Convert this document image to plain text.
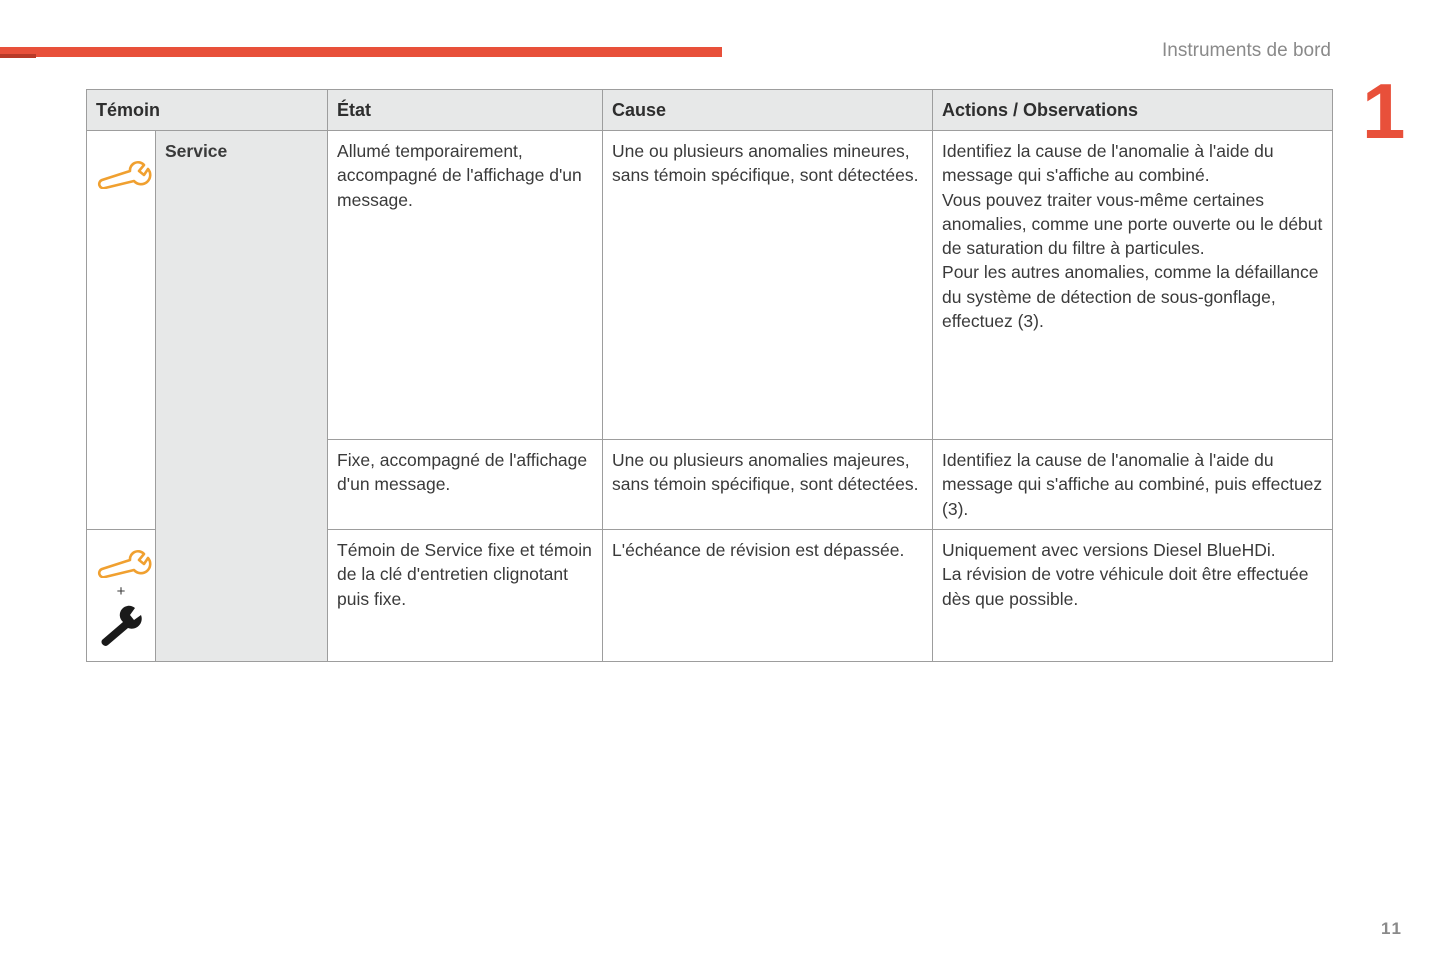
Instruments de bord
1
Témoin		État	Cause	Actions / Observations

	Service	Allumé temporairement, accompagné de l'affichage d'un message.	Une ou plusieurs anomalies mineures, sans témoin spécifique, sont détectées.	Identifiez la cause de l'anomalie à l'aide du message qui s'affiche au combiné.
Vous pouvez traiter vous-même certaines anomalies, comme une porte ouverte ou le début de saturation du filtre à particules.
Pour les autres anomalies, comme la défaillance du système de détection de sous-gonflage, effectuez (3).

		Fixe, accompagné de l'affichage d'un message.	Une ou plusieurs anomalies majeures, sans témoin spécifique, sont détectées.	Identifiez la cause de l'anomalie à l'aide du message qui s'affiche au combiné, puis effectuez (3).

+		Témoin de Service fixe et témoin de la clé d'entretien clignotant puis fixe.	L'échéance de révision est dépassée.	Uniquement avec versions Diesel BlueHDi.
La révision de votre véhicule doit être effectuée dès que possible.
11
